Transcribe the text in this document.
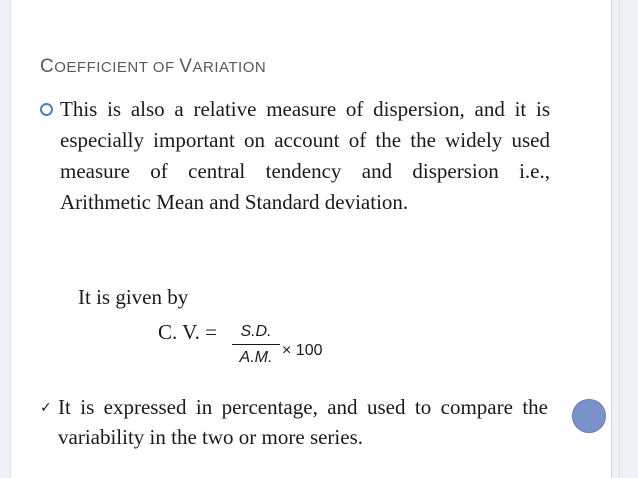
COEFFICIENT OF VARIATION
This is also a relative measure of dispersion, and it is especially important on account of the the widely used measure of central tendency and dispersion i.e., Arithmetic Mean and Standard deviation.
It is given by
C. V. =	S.D.
A.M. × 100
✓ It is expressed in percentage, and used to compare the variability in the two or more series.
